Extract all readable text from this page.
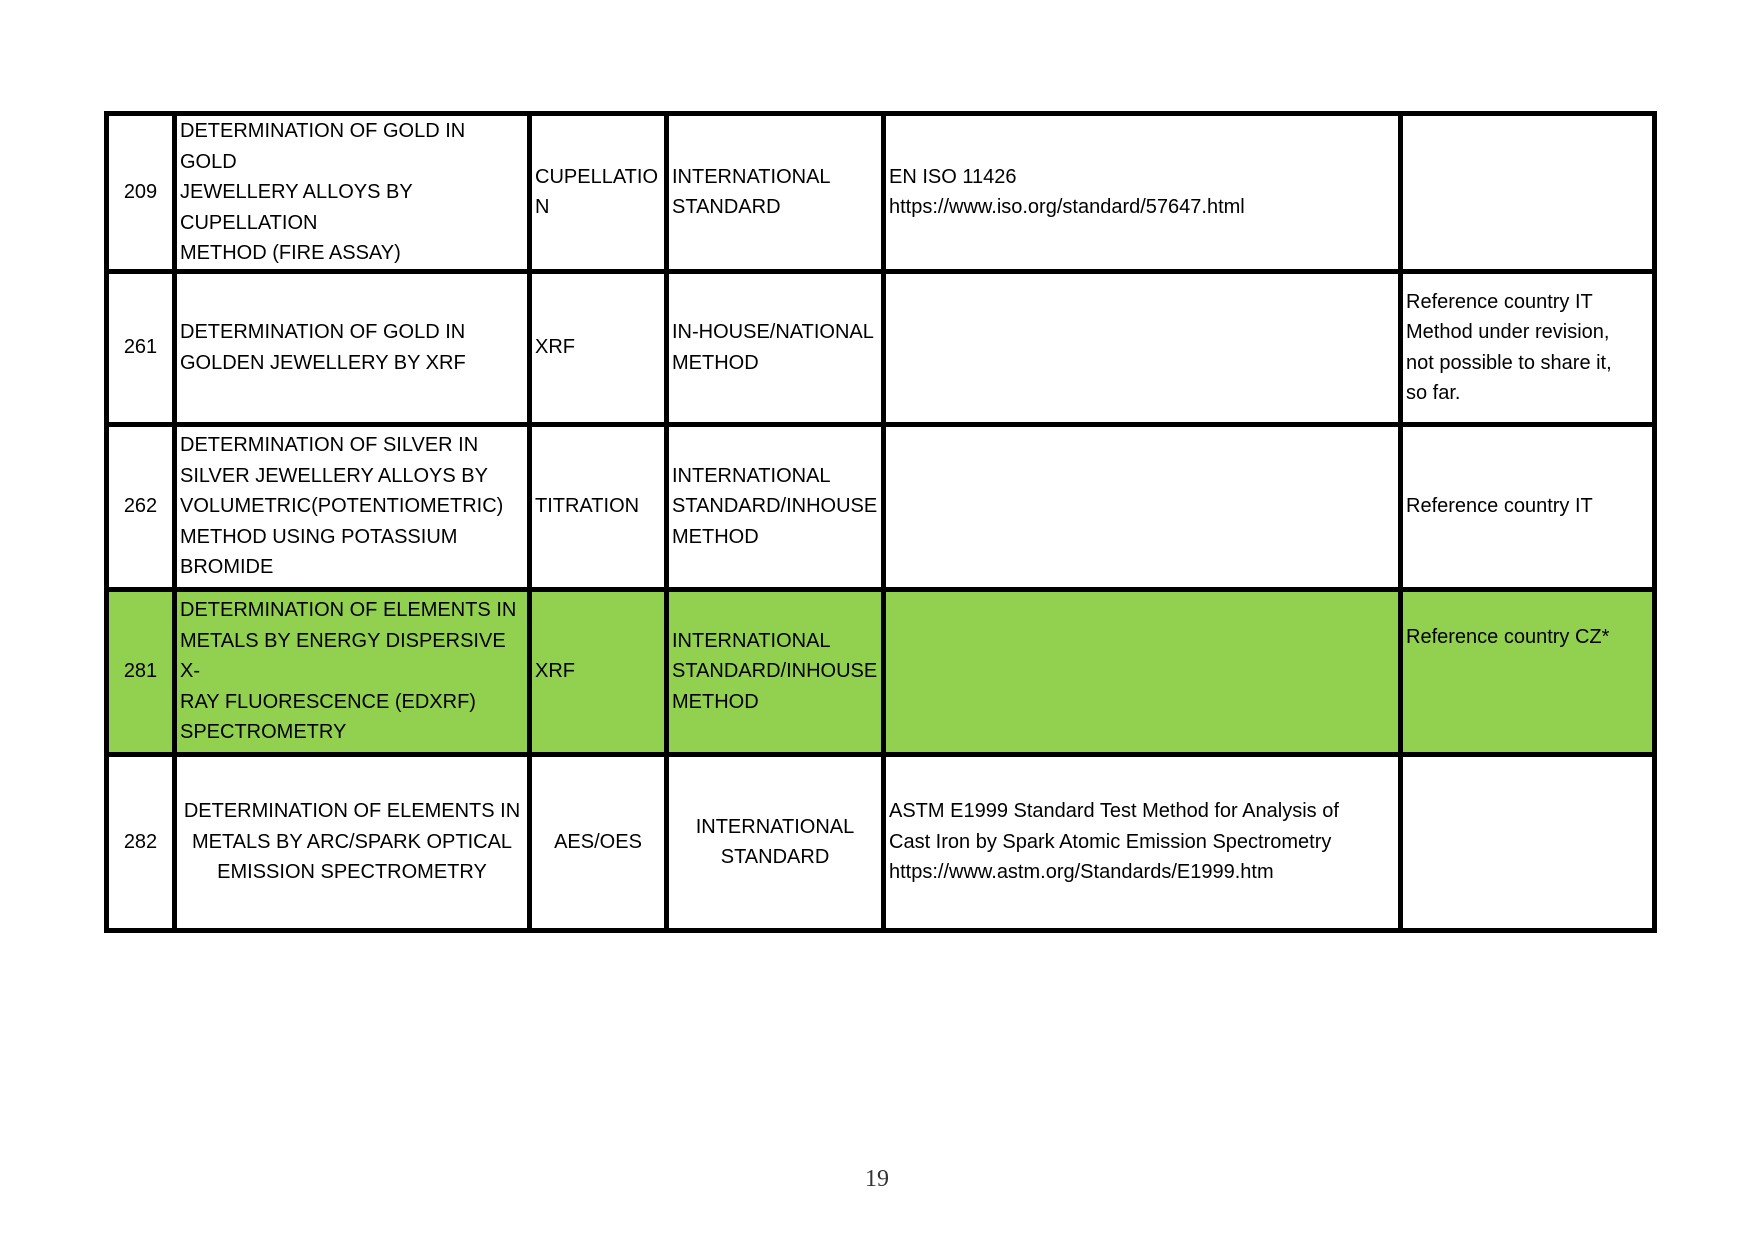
209	DETERMINATION OF GOLD IN GOLD
JEWELLERY ALLOYS BY CUPELLATION
METHOD (FIRE ASSAY)	CUPELLATIO
N	INTERNATIONAL
STANDARD	EN ISO 11426
https://www.iso.org/standard/57647.html	

261	DETERMINATION OF GOLD IN
GOLDEN JEWELLERY BY XRF	XRF	IN-HOUSE/NATIONAL
METHOD		Reference country IT
Method under revision,
not possible to share it,
so far.

262	DETERMINATION OF SILVER IN
SILVER JEWELLERY ALLOYS BY
VOLUMETRIC(POTENTIOMETRIC)
METHOD USING POTASSIUM
BROMIDE	TITRATION	INTERNATIONAL
STANDARD/INHOUSE
METHOD		Reference country IT

281	DETERMINATION OF ELEMENTS IN
METALS BY ENERGY DISPERSIVE X-
RAY FLUORESCENCE (EDXRF)
SPECTROMETRY	XRF	INTERNATIONAL
STANDARD/INHOUSE
METHOD		Reference country CZ*

282	DETERMINATION OF ELEMENTS IN
METALS BY ARC/SPARK OPTICAL
EMISSION SPECTROMETRY	AES/OES	INTERNATIONAL
STANDARD	ASTM E1999 Standard Test Method for Analysis of
Cast Iron by Spark Atomic Emission Spectrometry
https://www.astm.org/Standards/E1999.htm	

19
